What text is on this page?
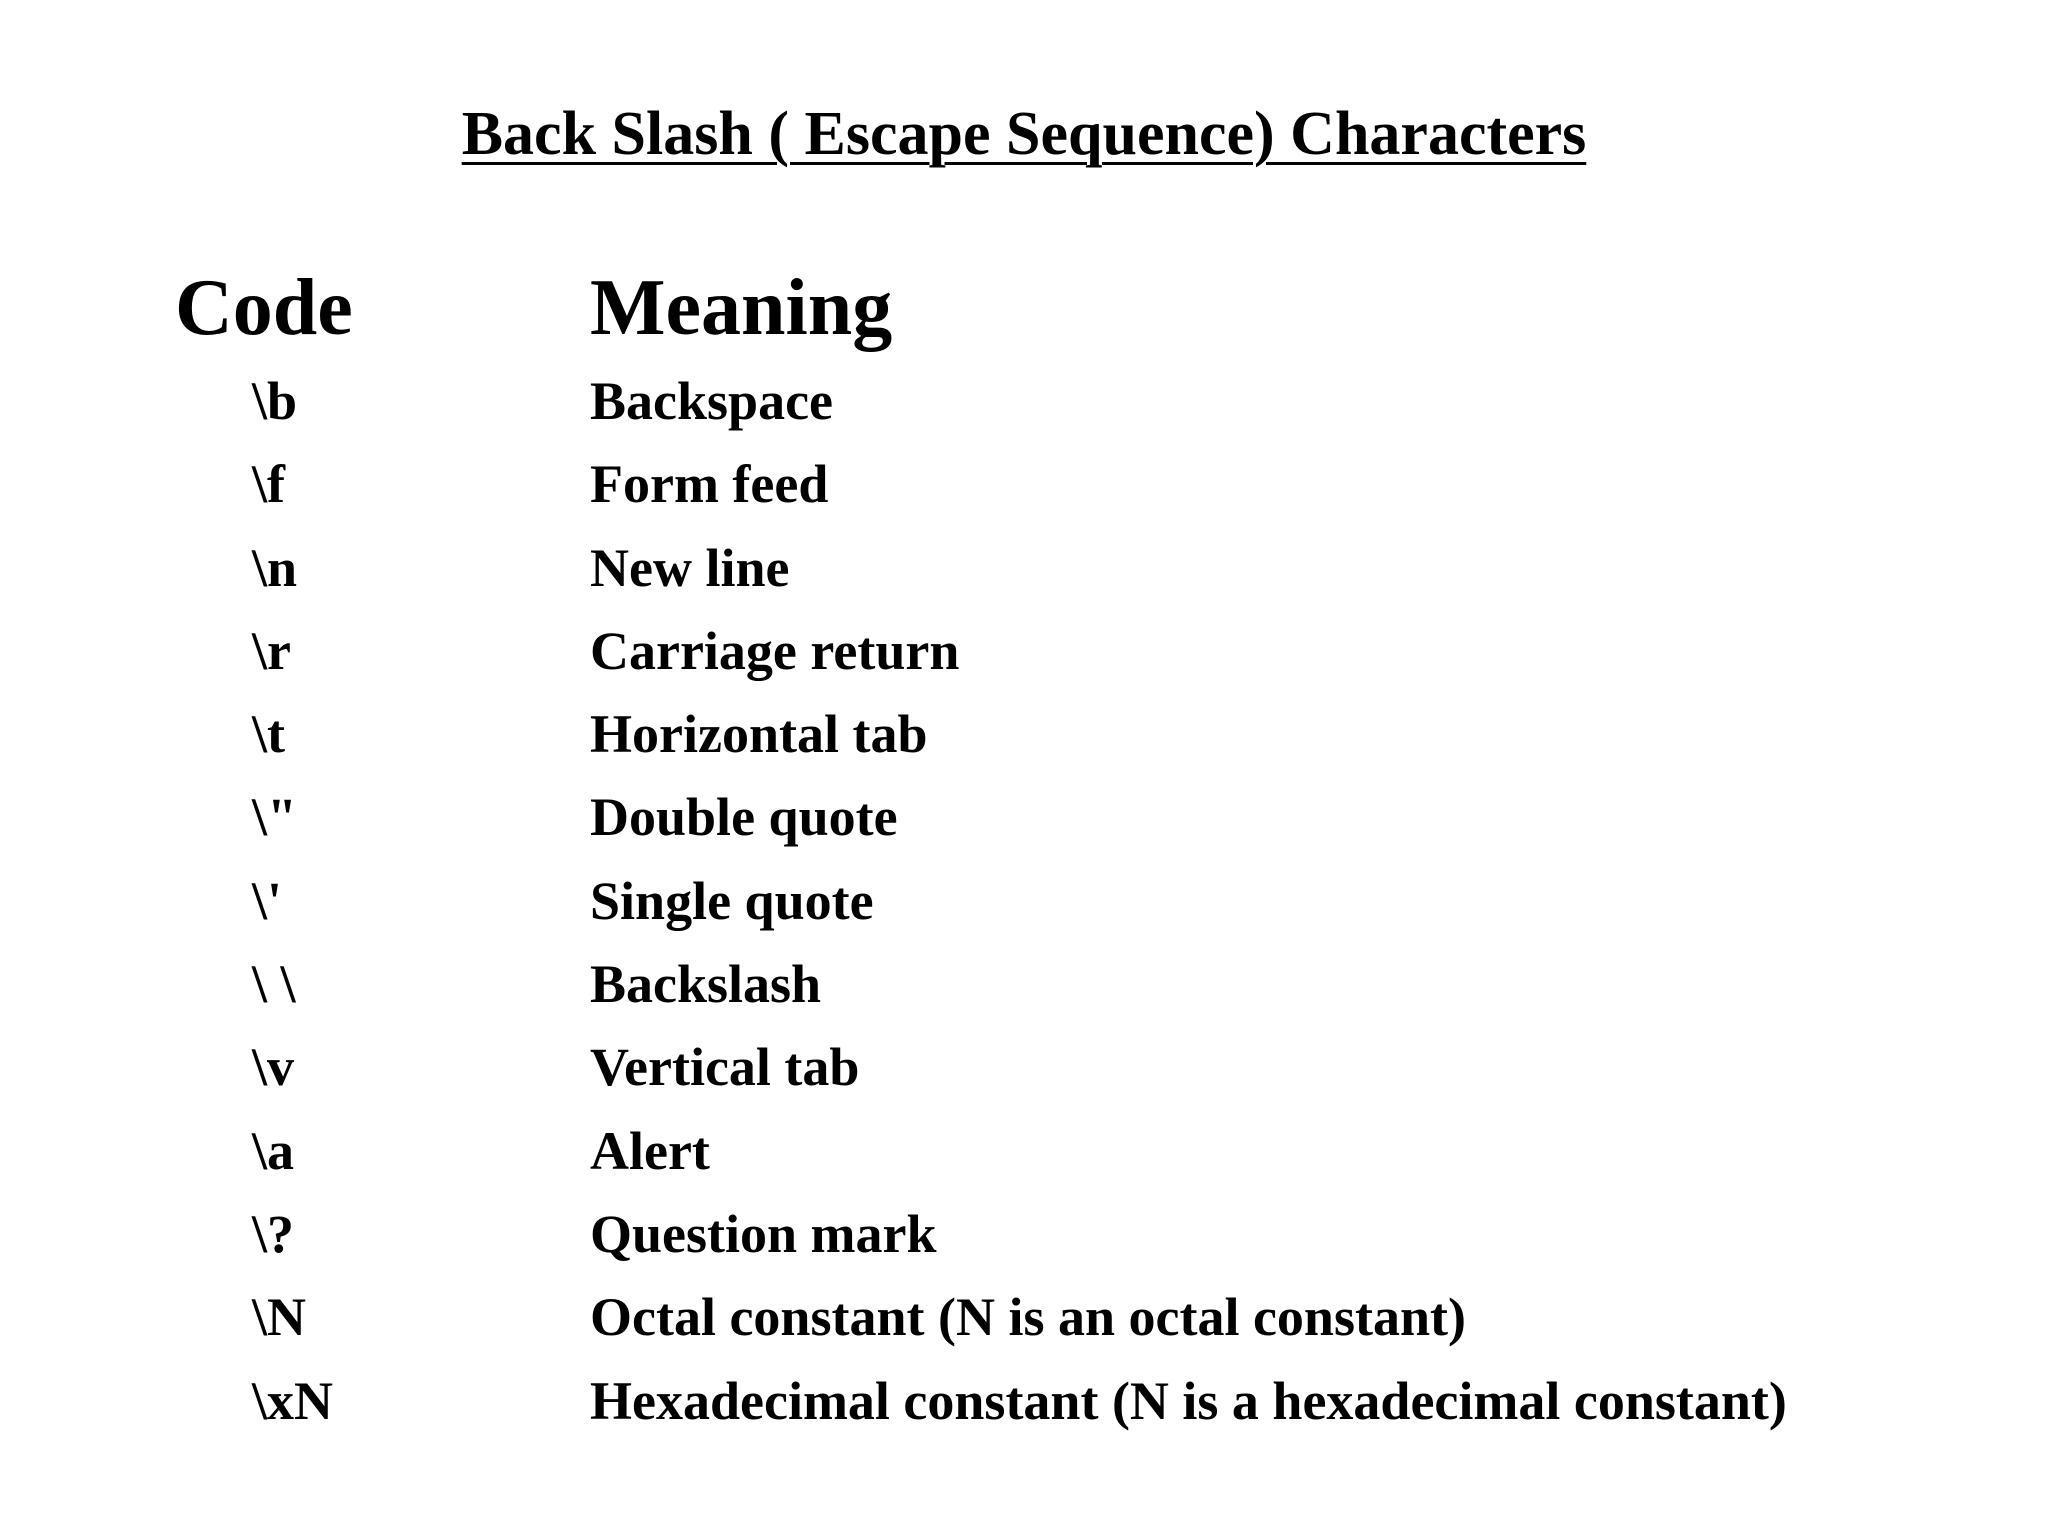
Back Slash ( Escape Sequence) Characters
Code	Meaning
\b	Backspace
\f	Form feed
\n	New line
\r	Carriage return
\t	Horizontal tab
\"	Double quote
\'	Single quote
\ \	Backslash
\v	Vertical tab
\a	Alert
\?	Question mark
\N	Octal constant (N is an octal constant)
\xN	Hexadecimal constant (N is a hexadecimal constant)
